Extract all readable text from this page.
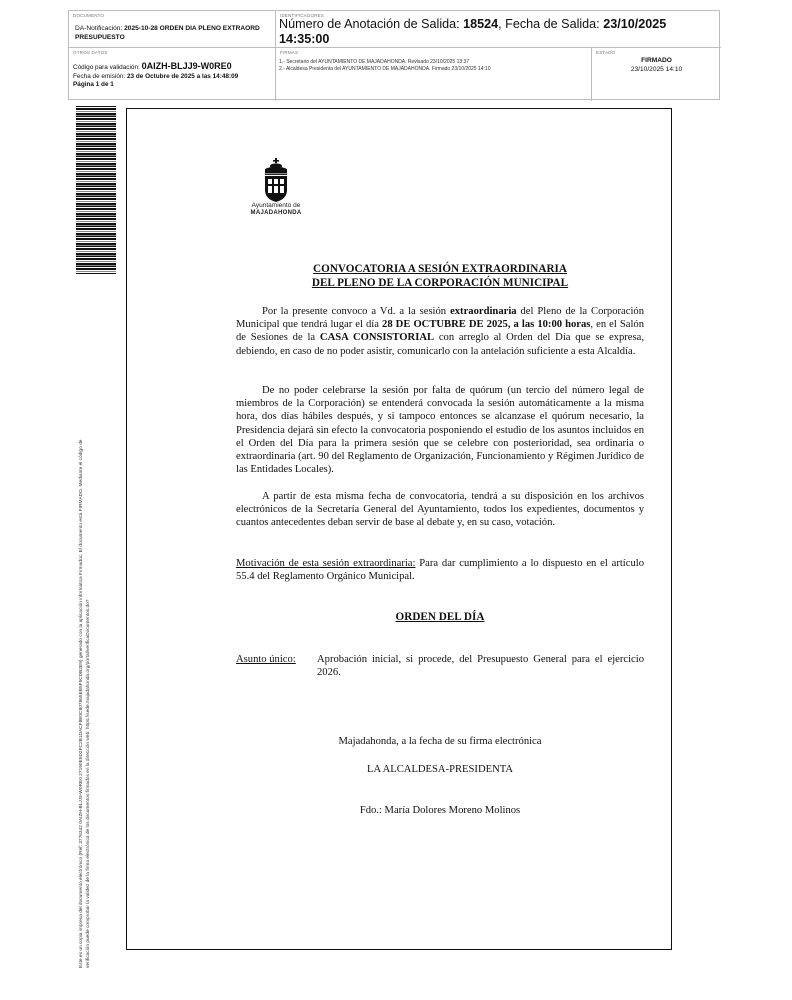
DOCUMENTO
DA-Notificación: 2025-10-28 ORDEN DIA PLENO EXTRAORD PRESUPUESTO
IDENTIFICADORES
Número de Anotación de Salida: 18524, Fecha de Salida: 23/10/2025 14:35:00
OTROS DATOS
Código para validación: 0AIZH-BLJJ9-W0RE0
Fecha de emisión: 23 de Octubre de 2025 a las 14:48:09
Página 1 de 1
FIRMAS
1.- Secretario del AYUNTAMIENTO DE MAJADAHONDA. Revisado 23/10/2025 13:37
2.- Alcaldesa Presidenta del AYUNTAMIENTO DE MAJADAHONDA. Firmado 23/10/2025 14:10
ESTADO
FIRMADO
23/10/2025 14:10
Este es un copia impresa del documento electrónico (Ref: 3776342 0AIZH-BLJJ9-W0RE0 27190E5D2FC2B1DACF8E0C807865EB5F5CDB2E9) generado con la aplicación informática Firmadoc. El documento está FIRMADO. Mediante el código de verificación puede comprobar la validez de la firma electrónica de los documentos firmados en la dirección web: https://sede.majadahonda.org/portal/verificaDocumentos.do?
Ayuntamiento de
MAJADAHONDA
CONVOCATORIA A SESIÓN EXTRAORDINARIA
DEL PLENO DE LA CORPORACIÓN MUNICIPAL

Por la presente convoco a Vd. a la sesión extraordinaria del Pleno de la Corporación Municipal que tendrá lugar el día 28 DE OCTUBRE DE 2025, a las 10:00 horas, en el Salón de Sesiones de la CASA CONSISTORIAL con arreglo al Orden del Día que se expresa, debiendo, en caso de no poder asistir, comunicarlo con la antelación suficiente a esta Alcaldía.

De no poder celebrarse la sesión por falta de quórum (un tercio del número legal de miembros de la Corporación) se entenderá convocada la sesión automáticamente a la misma hora, dos días hábiles después, y si tampoco entonces se alcanzase el quórum necesario, la Presidencia dejará sin efecto la convocatoria posponiendo el estudio de los asuntos incluidos en el Orden del Día para la primera sesión que se celebre con posterioridad, sea ordinaria o extraordinaria (art. 90 del Reglamento de Organización, Funcionamiento y Régimen Jurídico de las Entidades Locales).

A partir de esta misma fecha de convocatoria, tendrá a su disposición en los archivos electrónicos de la Secretaría General del Ayuntamiento, todos los expedientes, documentos y cuantos antecedentes deban servir de base al debate y, en su caso, votación.

Motivación de esta sesión extraordinaria: Para dar cumplimiento a lo dispuesto en el artículo 55.4 del Reglamento Orgánico Municipal.

ORDEN DEL DÍA
Asunto único: Aprobación inicial, si procede, del Presupuesto General para el ejercicio 2026.

Majadahonda, a la fecha de su firma electrónica
LA ALCALDESA-PRESIDENTA
Fdo.: María Dolores Moreno Molinos
